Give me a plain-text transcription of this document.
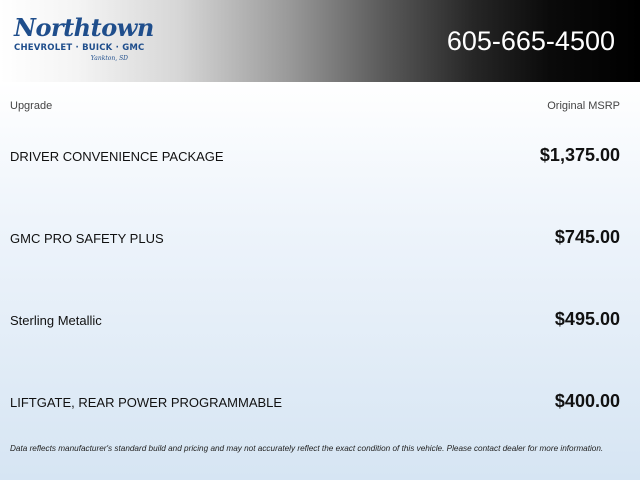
Northtown
CHEVROLET · BUICK · GMC
Yankton, SD
605-665-4500
Upgrade	Original MSRP
DRIVER CONVENIENCE PACKAGE	$1,375.00
GMC PRO SAFETY PLUS	$745.00
Sterling Metallic	$495.00
LIFTGATE, REAR POWER PROGRAMMABLE	$400.00
Data reflects manufacturer's standard build and pricing and may not accurately reflect the exact condition of this vehicle. Please contact dealer for more information.
